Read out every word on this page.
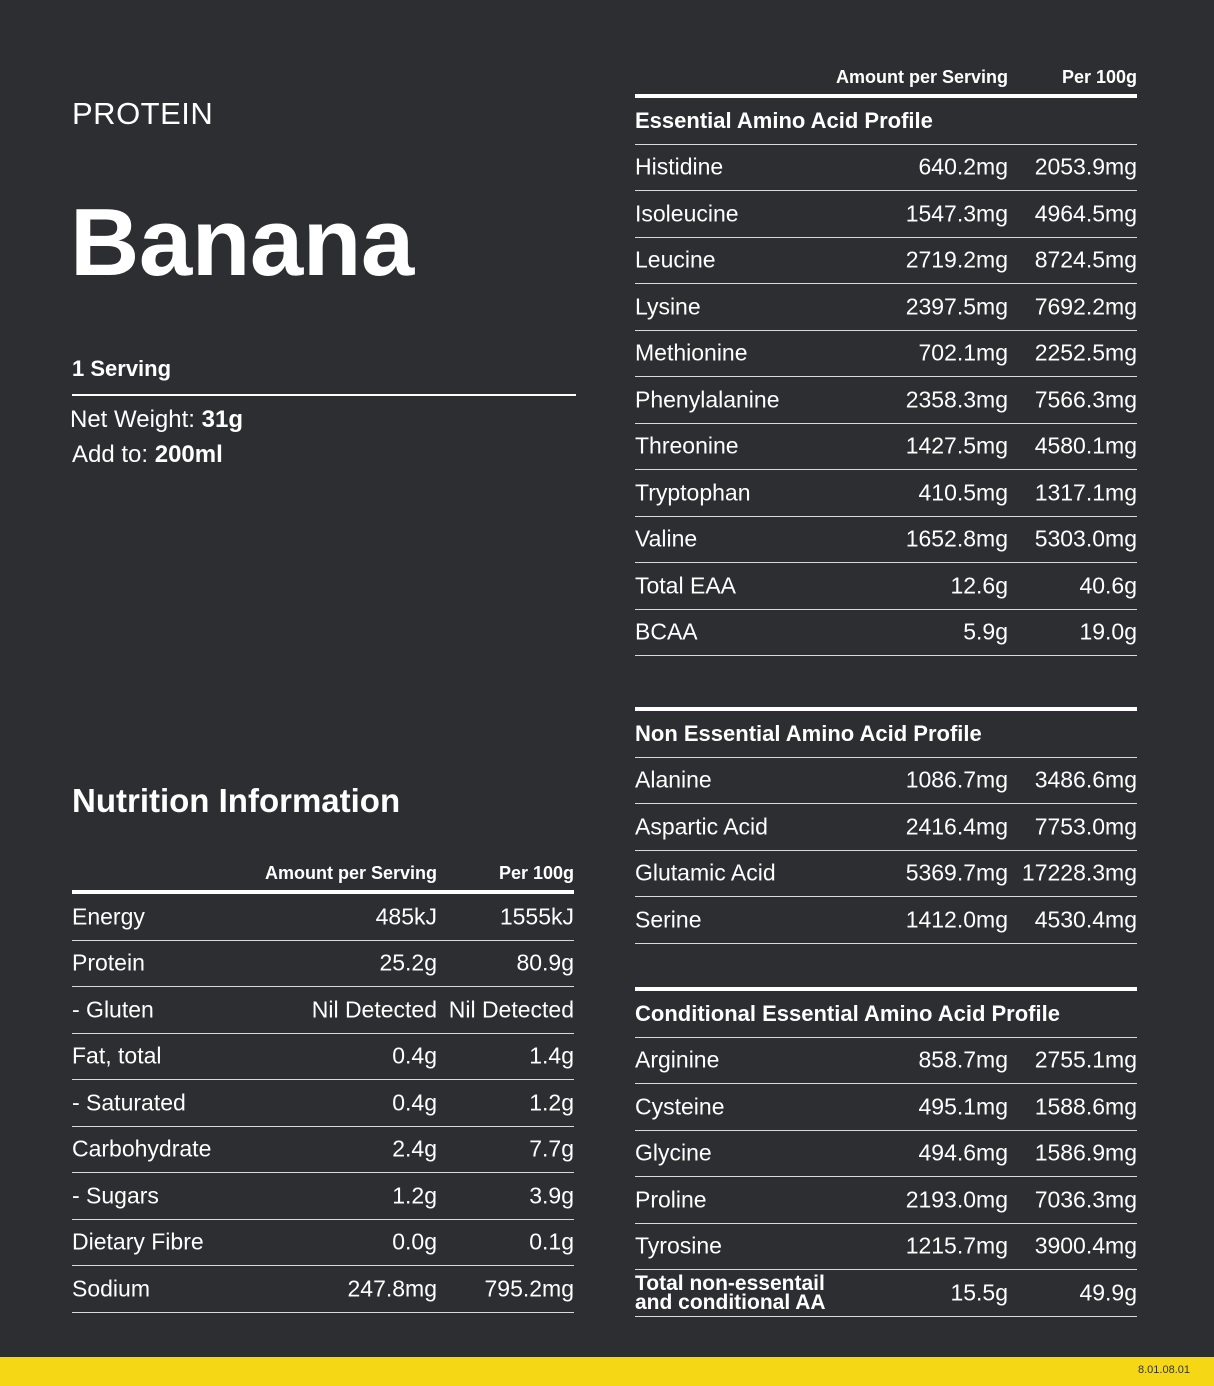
PROTEIN
Banana
1 Serving
Net Weight: 31g
Add to: 200ml
Nutrition Information
Amount per Serving	Per 100g
Energy	485kJ	1555kJ
Protein	25.2g	80.9g
- Gluten	Nil Detected Nil Detected
Fat, total	0.4g	1.4g
- Saturated	0.4g	1.2g
Carbohydrate	2.4g	7.7g
- Sugars	1.2g	3.9g
Dietary Fibre	0.0g	0.1g
Sodium	247.8mg 795.2mg
Amount per Serving	Per 100g
Essential Amino Acid Profile
Histidine	640.2mg 2053.9mg
Isoleucine	1547.3mg 4964.5mg
Leucine	2719.2mg 8724.5mg
Lysine	2397.5mg 7692.2mg
Methionine	702.1mg 2252.5mg
Phenylalanine	2358.3mg 7566.3mg
Threonine	1427.5mg 4580.1mg
Tryptophan	410.5mg 1317.1mg
Valine	1652.8mg 5303.0mg
Total EAA	12.6g	40.6g
BCAA	5.9g	19.0g
Non Essential Amino Acid Profile
Alanine	1086.7mg 3486.6mg
Aspartic Acid	2416.4mg 7753.0mg
Glutamic Acid	5369.7mg 17228.3mg
Serine	1412.0mg 4530.4mg
Conditional Essential Amino Acid Profile
Arginine	858.7mg 2755.1mg
Cysteine	495.1mg 1588.6mg
Glycine	494.6mg 1586.9mg
Proline	2193.0mg 7036.3mg
Tyrosine	1215.7mg 3900.4mg
Total non-essentail
and conditional AA	15.5g	49.9g
8.01.08.01
